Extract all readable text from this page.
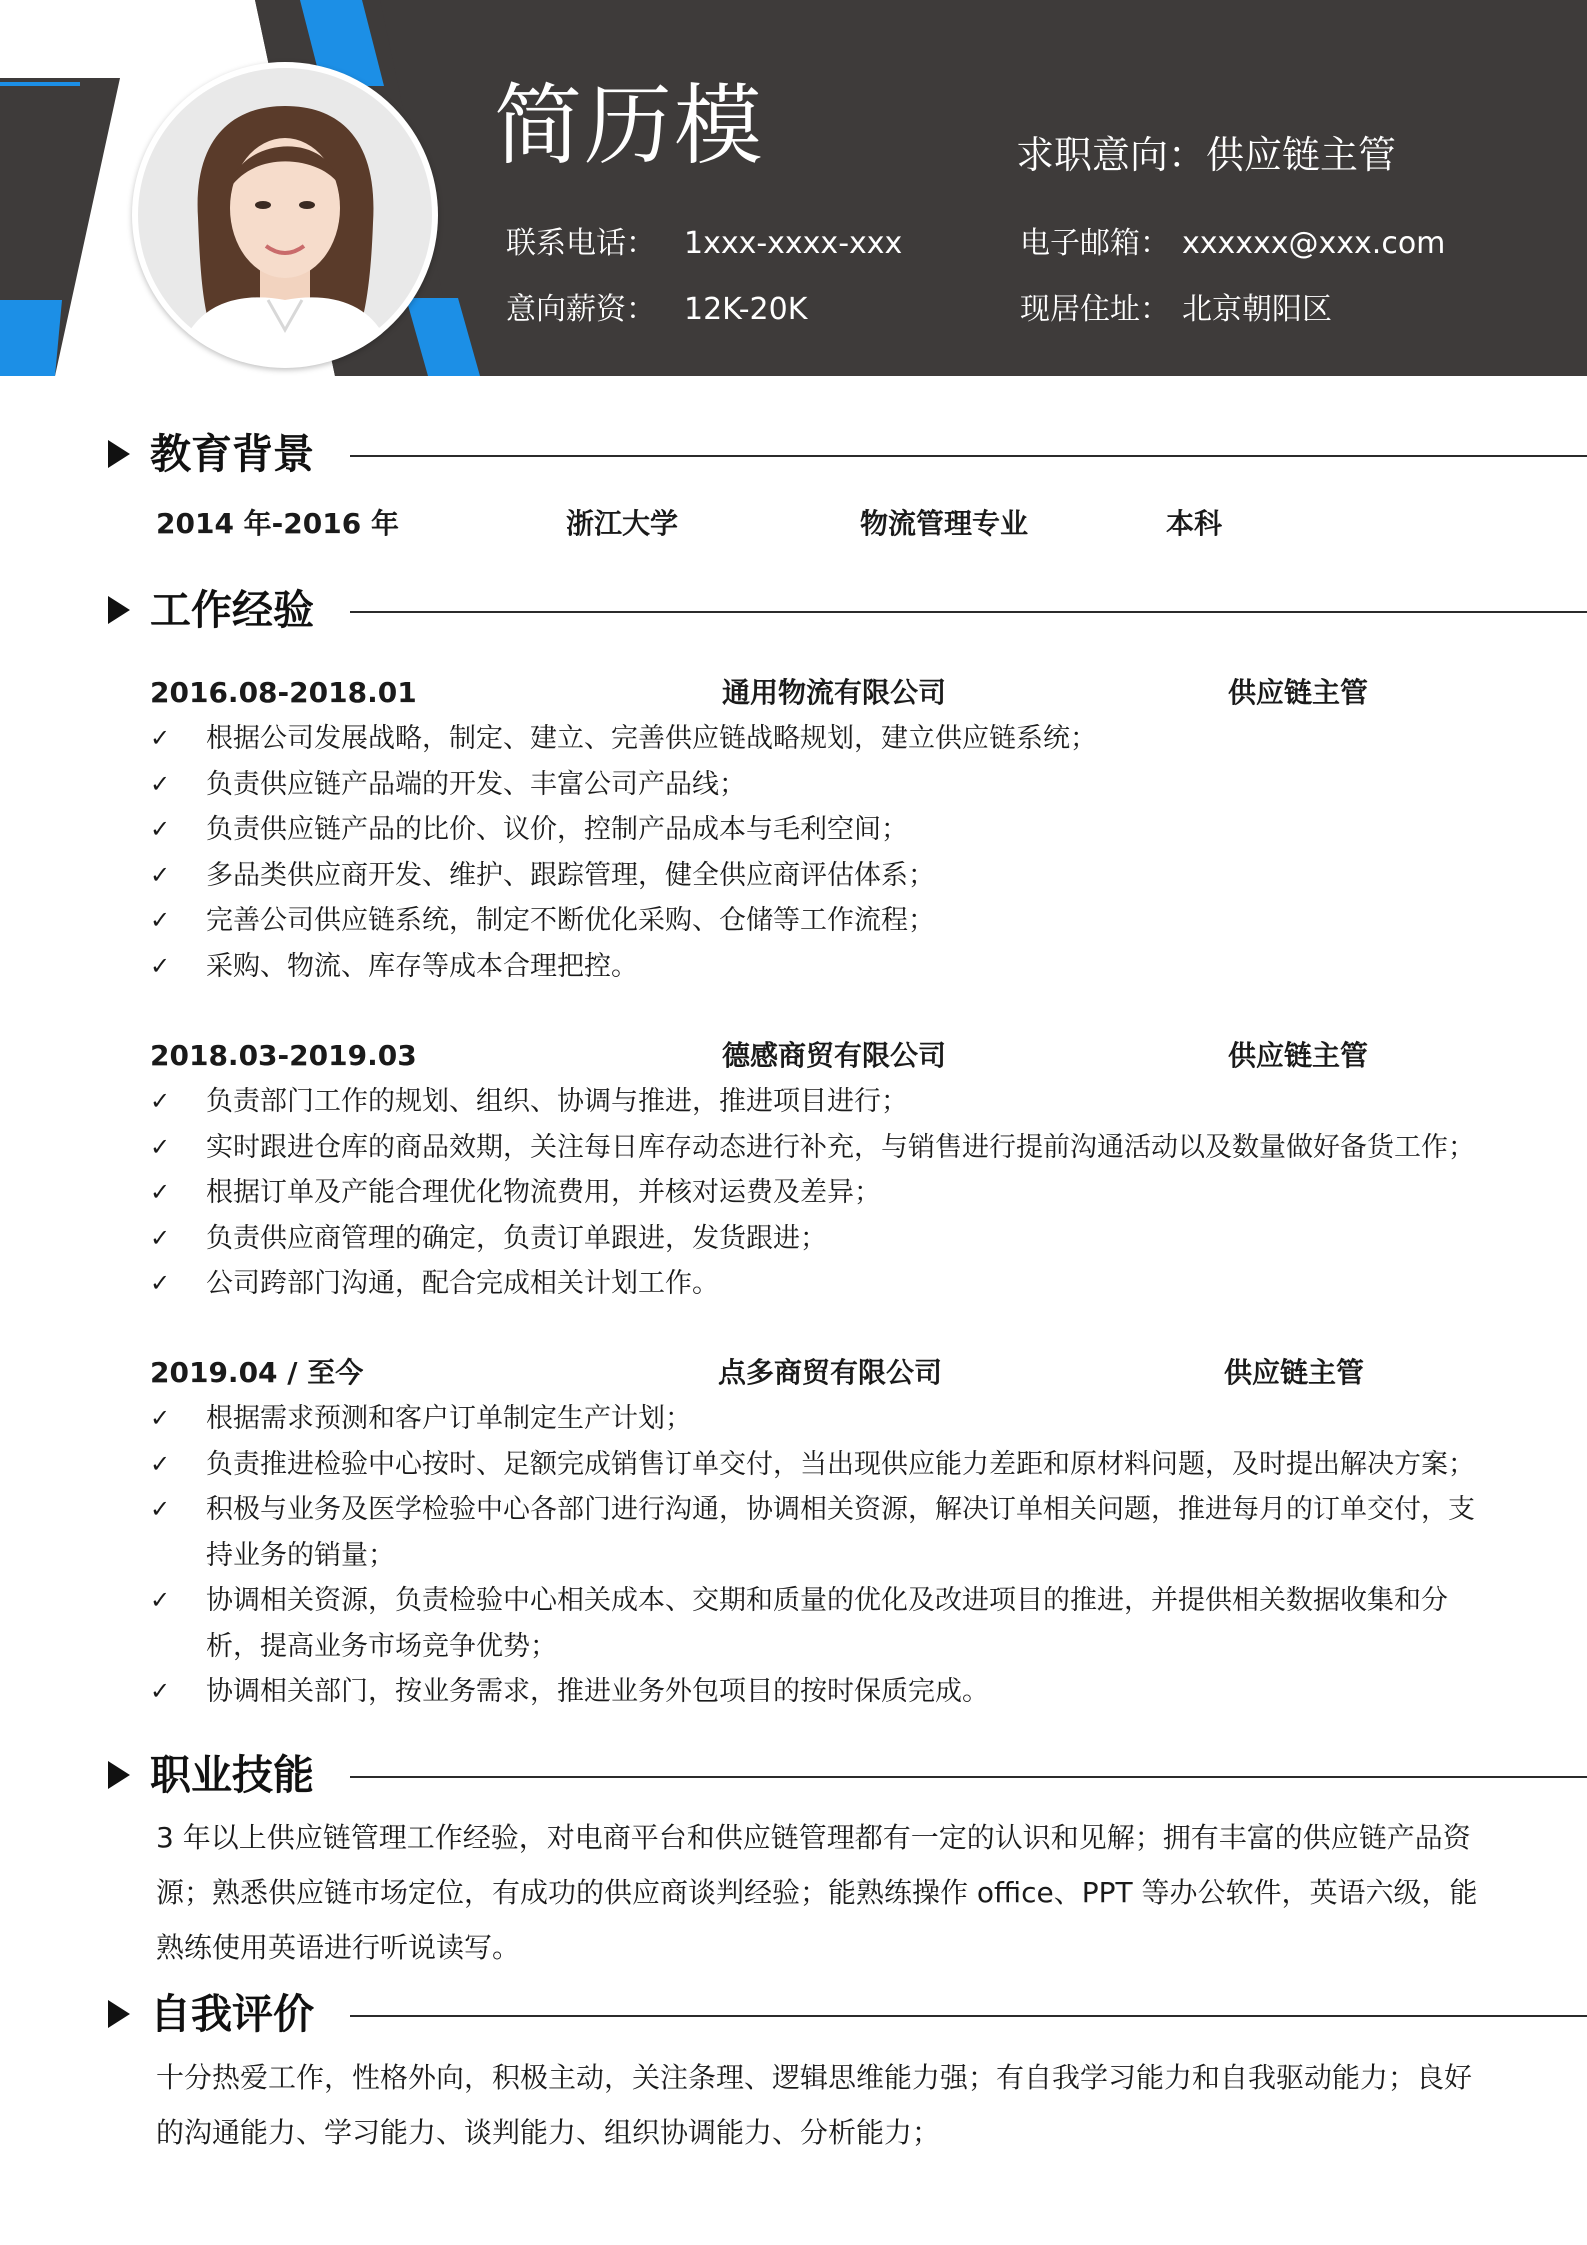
简历模	求职意向：供应链主管
联系电话： 1xxx-xxxx-xxx	电子邮箱： xxxxxx@xxx.com
意向薪资： 12K-20K	现居住址： 北京朝阳区
教育背景
2014 年-2016 年	浙江大学	物流管理专业	本科
工作经验
2016.08-2018.01	通用物流有限公司	供应链主管
✓ 根据公司发展战略，制定、建立、完善供应链战略规划，建立供应链系统；
✓ 负责供应链产品端的开发、丰富公司产品线；
✓ 负责供应链产品的比价、议价，控制产品成本与毛利空间；
✓ 多品类供应商开发、维护、跟踪管理，健全供应商评估体系；
✓ 完善公司供应链系统，制定不断优化采购、仓储等工作流程；
✓ 采购、物流、库存等成本合理把控。
2018.03-2019.03	德感商贸有限公司	供应链主管
✓ 负责部门工作的规划、组织、协调与推进，推进项目进行；
✓ 实时跟进仓库的商品效期，关注每日库存动态进行补充，与销售进行提前沟通活动以及数量做好备货工作；
✓ 根据订单及产能合理优化物流费用，并核对运费及差异；
✓ 负责供应商管理的确定，负责订单跟进，发货跟进；
✓ 公司跨部门沟通，配合完成相关计划工作。
2019.04 / 至今	点多商贸有限公司	供应链主管
✓ 根据需求预测和客户订单制定生产计划；
✓ 负责推进检验中心按时、足额完成销售订单交付，当出现供应能力差距和原材料问题，及时提出解决方案；
✓ 积极与业务及医学检验中心各部门进行沟通，协调相关资源，解决订单相关问题，推进每月的订单交付，支持业务的销量；
✓ 协调相关资源，负责检验中心相关成本、交期和质量的优化及改进项目的推进，并提供相关数据收集和分析，提高业务市场竞争优势；
✓ 协调相关部门，按业务需求，推进业务外包项目的按时保质完成。
职业技能

3 年以上供应链管理工作经验，对电商平台和供应链管理都有一定的认识和见解；拥有丰富的供应链产品资源；熟悉供应链市场定位，有成功的供应商谈判经验；能熟练操作 office、PPT 等办公软件，英语六级，能熟练使用英语进行听说读写。

自我评价

十分热爱工作，性格外向，积极主动，关注条理、逻辑思维能力强；有自我学习能力和自我驱动能力；良好的沟通能力、学习能力、谈判能力、组织协调能力、分析能力；
